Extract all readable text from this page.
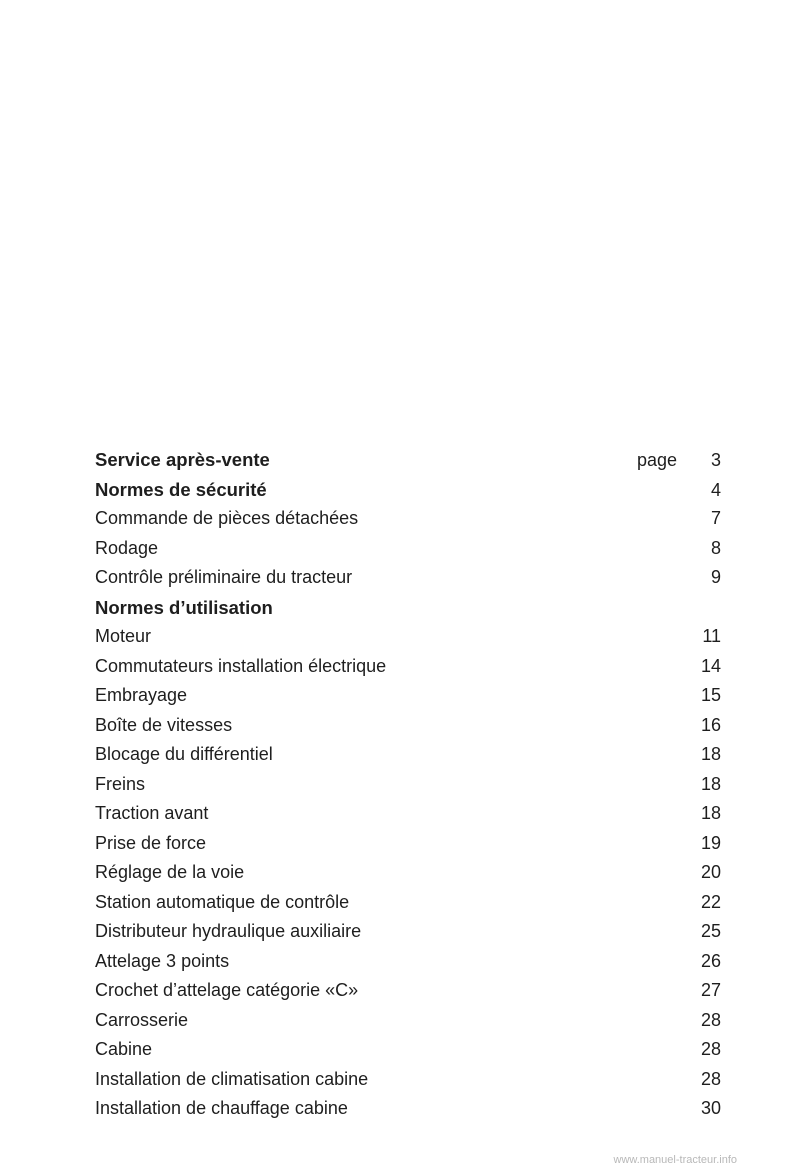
Service après-vente	page	3
Normes de sécurité	4
Commande de pièces détachées	7
Rodage	8
Contrôle préliminaire du tracteur	9
Normes d’utilisation
Moteur	11
Commutateurs installation électrique	14
Embrayage	15
Boîte de vitesses	16
Blocage du différentiel	18
Freins	18
Traction avant	18
Prise de force	19
Réglage de la voie	20
Station automatique de contrôle	22
Distributeur hydraulique auxiliaire	25
Attelage 3 points	26
Crochet d’attelage catégorie «C»	27
Carrosserie	28
Cabine	28
Installation de climatisation cabine	28
Installation de chauffage cabine	30
www.manuel-tracteur.info
